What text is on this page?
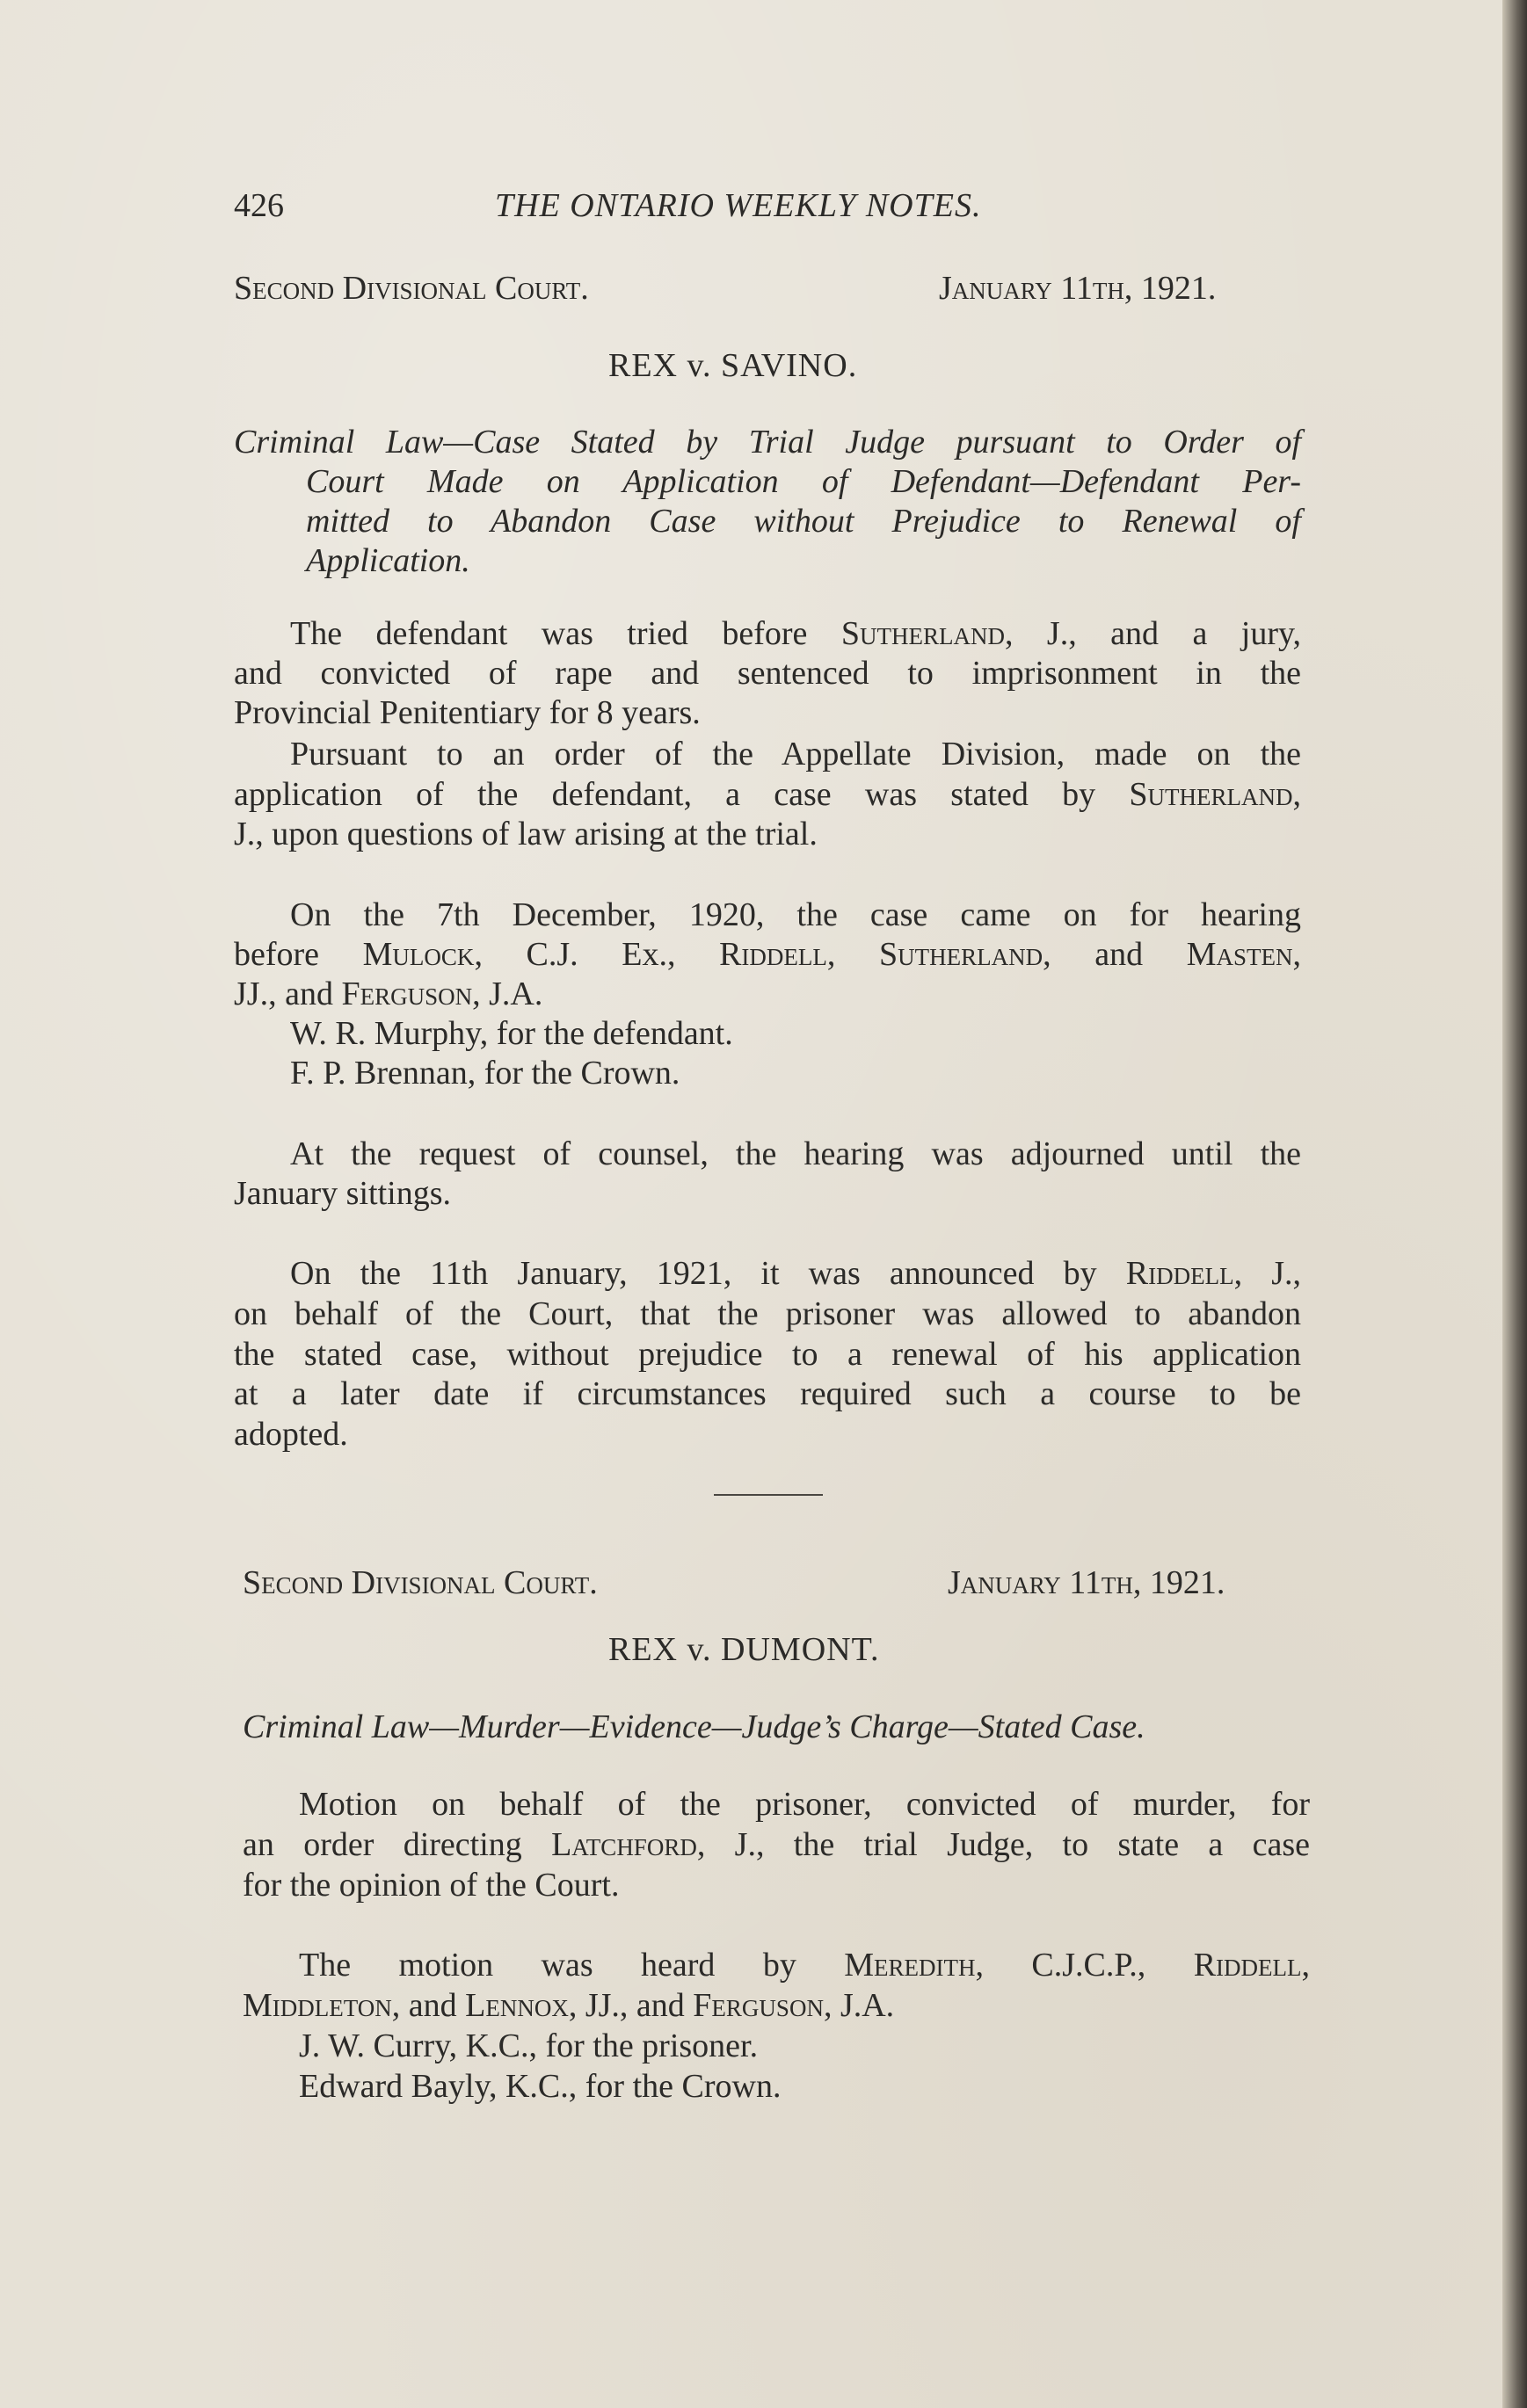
426	THE ONTARIO WEEKLY NOTES.
Second Divisional Court.	January 11th, 1921.
REX v. SAVINO.
Criminal Law—Case Stated by Trial Judge pursuant to Order of
Court Made on Application of Defendant—Defendant Per-
mitted to Abandon Case without Prejudice to Renewal of
Application.
The defendant was tried before Sutherland, J., and a jury,
and convicted of rape and sentenced to imprisonment in the
Provincial Penitentiary for 8 years.
Pursuant to an order of the Appellate Division, made on the
application of the defendant, a case was stated by Sutherland,
J., upon questions of law arising at the trial.
On the 7th December, 1920, the case came on for hearing
before Mulock, C.J. Ex., Riddell, Sutherland, and Masten,
JJ., and Ferguson, J.A.
W. R. Murphy, for the defendant.
F. P. Brennan, for the Crown.
At the request of counsel, the hearing was adjourned until the
January sittings.
On the 11th January, 1921, it was announced by Riddell, J.,
on behalf of the Court, that the prisoner was allowed to abandon
the stated case, without prejudice to a renewal of his application
at a later date if circumstances required such a course to be
adopted.
Second Divisional Court.	January 11th, 1921.
REX v. DUMONT.
Criminal Law—Murder—Evidence—Judge’s Charge—Stated Case.
Motion on behalf of the prisoner, convicted of murder, for
an order directing Latchford, J., the trial Judge, to state a case
for the opinion of the Court.
The motion was heard by Meredith, C.J.C.P., Riddell,
Middleton, and Lennox, JJ., and Ferguson, J.A.
J. W. Curry, K.C., for the prisoner.
Edward Bayly, K.C., for the Crown.
